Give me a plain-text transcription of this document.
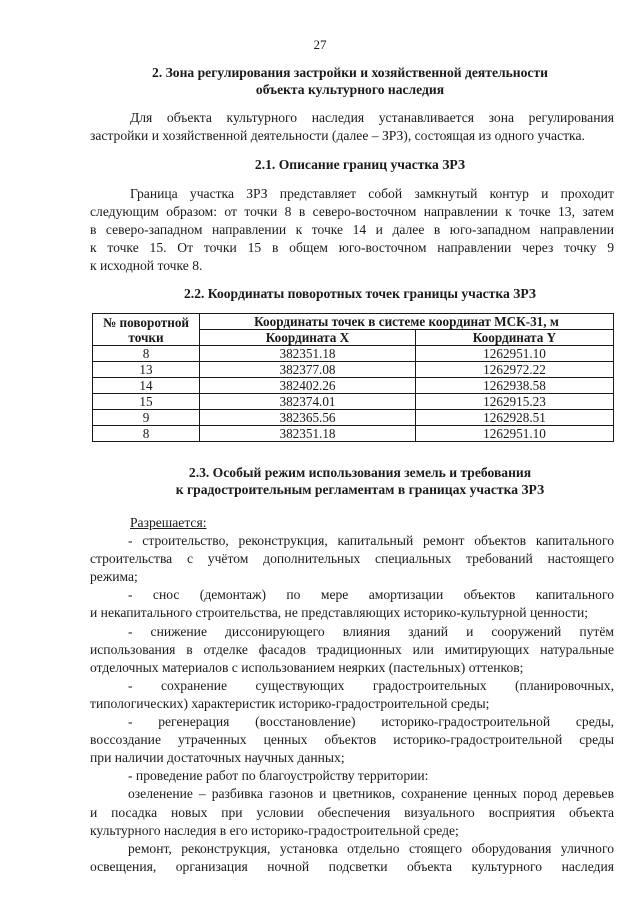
27
2. Зона регулирования застройки и хозяйственной деятельности
объекта культурного наследия
Для объекта культурного наследия устанавливается зона регулирования
застройки и хозяйственной деятельности (далее – ЗРЗ), состоящая из одного участка.
2.1. Описание границ участка ЗРЗ
Граница участка ЗРЗ представляет собой замкнутый контур и проходит
следующим образом: от точки 8 в северо-восточном направлении к точке 13, затем
в северо-западном направлении к точке 14 и далее в юго-западном направлении
к точке 15. От точки 15 в общем юго-восточном направлении через точку 9
к исходной точке 8.
2.2. Координаты поворотных точек границы участка ЗРЗ
№ поворотной
точки	Координаты точек в системе координат МСК-31, м	
	Координата X	Координата Y
8	382351.18	1262951.10
13	382377.08	1262972.22
14	382402.26	1262938.58
15	382374.01	1262915.23
9	382365.56	1262928.51
8	382351.18	1262951.10
2.3. Особый режим использования земель и требования
к градостроительным регламентам в границах участка ЗРЗ
Разрешается:
- строительство, реконструкция, капитальный ремонт объектов капитального
строительства с учётом дополнительных специальных требований настоящего
режима;
- снос (демонтаж) по мере амортизации объектов капитального
и некапитального строительства, не представляющих историко-культурной ценности;
- снижение диссонирующего влияния зданий и сооружений путём
использования в отделке фасадов традиционных или имитирующих натуральные
отделочных материалов с использованием неярких (пастельных) оттенков;
- сохранение существующих градостроительных (планировочных,
типологических) характеристик историко-градостроительной среды;
- регенерация (восстановление) историко-градостроительной среды,
воссоздание утраченных ценных объектов историко-градостроительной среды
при наличии достаточных научных данных;
- проведение работ по благоустройству территории:
озеленение – разбивка газонов и цветников, сохранение ценных пород деревьев
и посадка новых при условии обеспечения визуального восприятия объекта
культурного наследия в его историко-градостроительной среде;
ремонт, реконструкция, установка отдельно стоящего оборудования уличного
освещения, организация ночной подсветки объекта культурного наследия
